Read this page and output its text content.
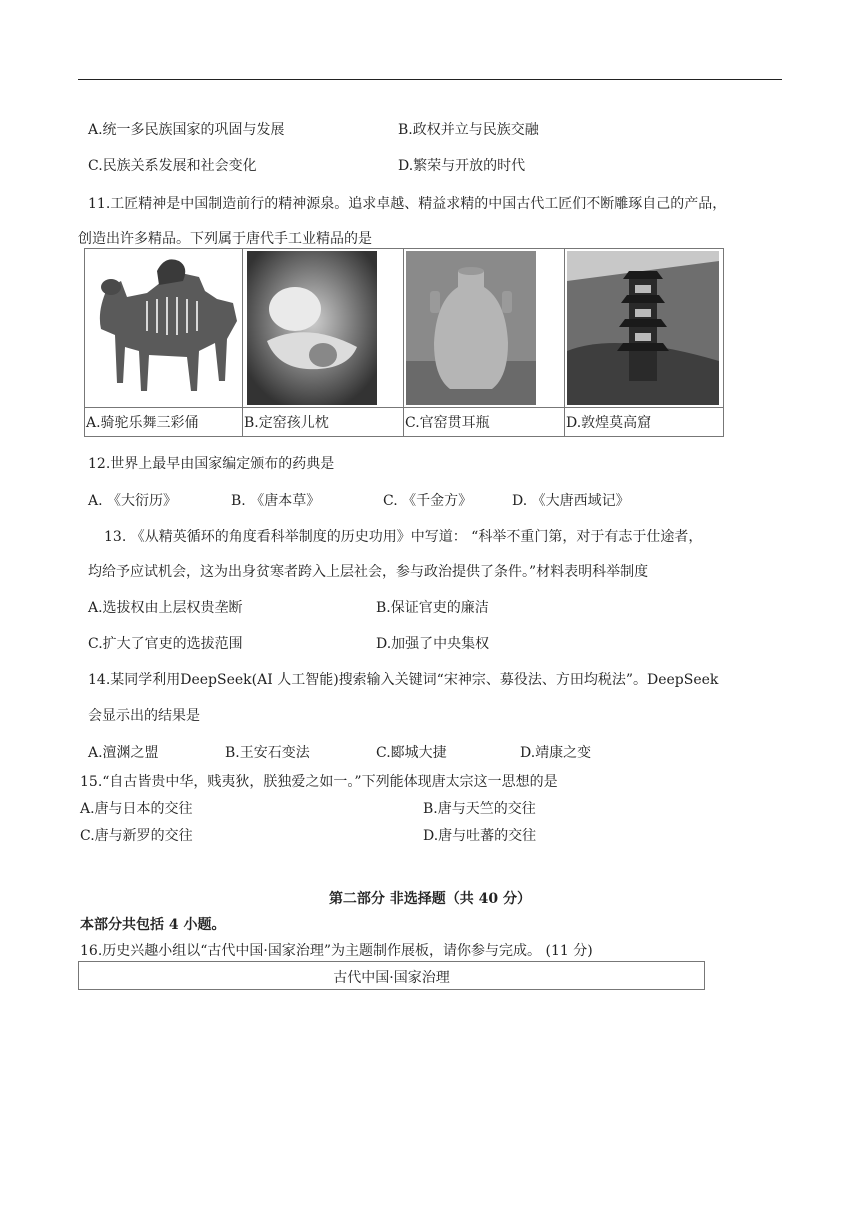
A.统一多民族国家的巩固与发展	B.政权并立与民族交融
C.民族关系发展和社会变化	D.繁荣与开放的时代
11.工匠精神是中国制造前行的精神源泉。追求卓越、精益求精的中国古代工匠们不断雕琢自己的产品，
创造出许多精品。下列属于唐代手工业精品的是
A.骑驼乐舞三彩俑	B.定窑孩儿枕	C.官窑贯耳瓶	D.敦煌莫高窟
12.世界上最早由国家编定颁布的药典是
A. 《大衍历》	B. 《唐本草》	C. 《千金方》	D. 《大唐西域记》
13. 《从精英循环的角度看科举制度的历史功用》中写道： “科举不重门第，对于有志于仕途者，
均给予应试机会，这为出身贫寒者跨入上层社会，参与政治提供了条件。”材料表明科举制度
A.选拔权由上层权贵垄断	B.保证官吏的廉洁
C.扩大了官吏的选拔范围	D.加强了中央集权
14.某同学利用DeepSeek(AI 人工智能)搜索输入关键词“宋神宗、募役法、方田均税法”。DeepSeek
会显示出的结果是
A.澶渊之盟	B.王安石变法	C.郾城大捷	D.靖康之变
15.“自古皆贵中华，贱夷狄，朕独爱之如一。”下列能体现唐太宗这一思想的是
A.唐与日本的交往	B.唐与天竺的交往
C.唐与新罗的交往	D.唐与吐蕃的交往
第二部分 非选择题（共 40 分）
本部分共包括 4 小题。
16.历史兴趣小组以“古代中国·国家治理”为主题制作展板，请你参与完成。 (11 分)
古代中国·国家治理
